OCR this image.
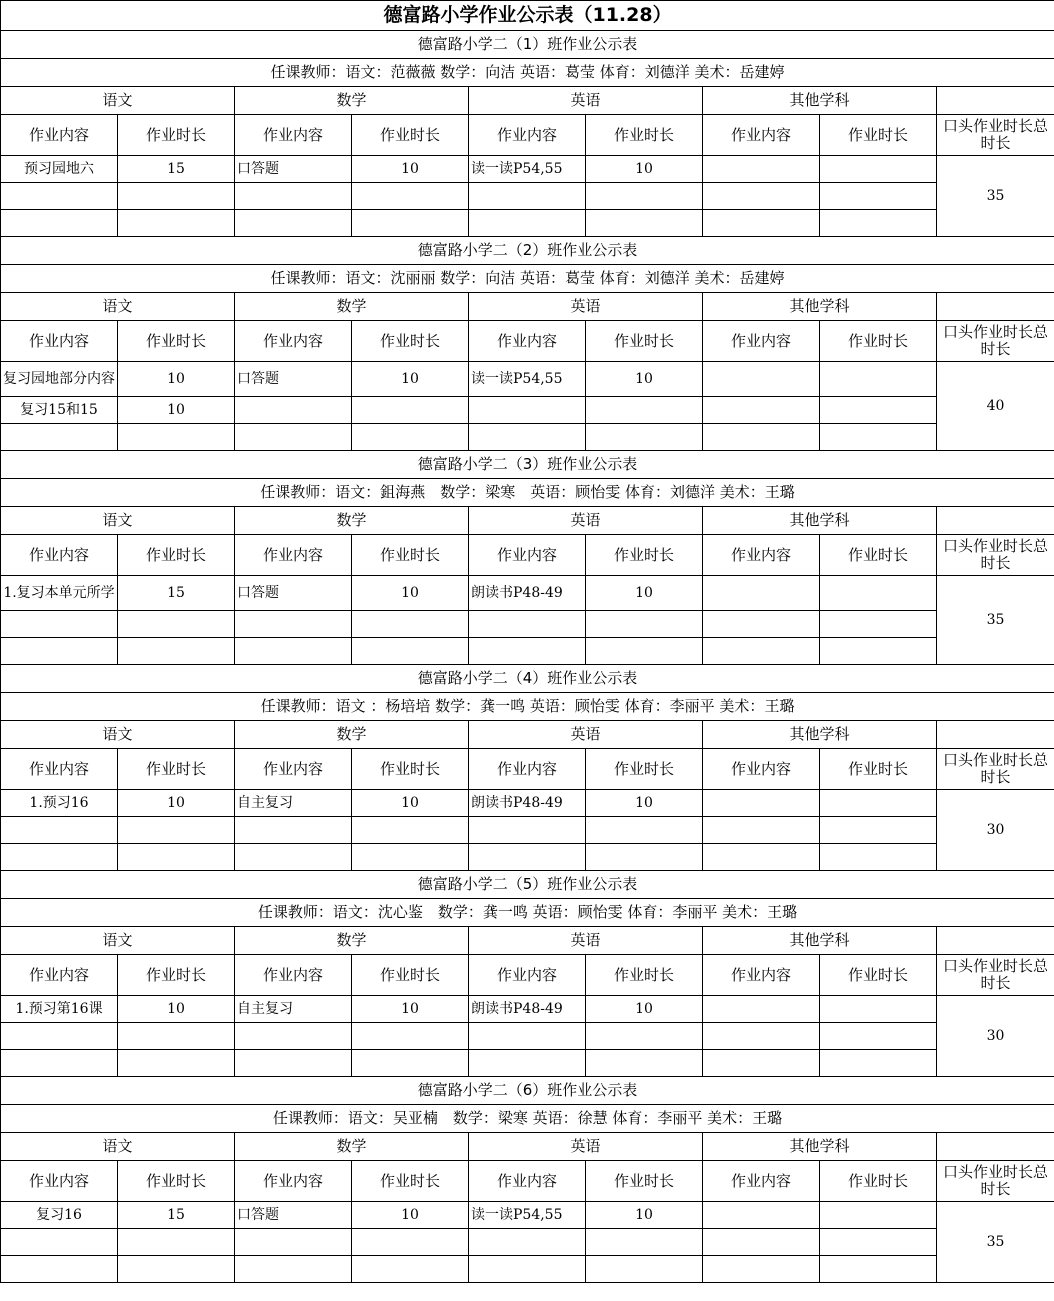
德富路小学作业公示表（11.28）								
德富路小学二（1）班作业公示表								
任课教师：语文：范薇薇 数学：向洁 英语：葛莹 体育：刘德洋 美术：岳建婷								
语文		数学		英语		其他学科		
作业内容	作业时长	作业内容	作业时长	作业内容	作业时长	作业内容	作业时长	口头作业时长总时长
预习园地六	15	口答题	10	读一读P54,55	10			35

德富路小学二（2）班作业公示表								
任课教师：语文：沈丽丽 数学：向洁 英语：葛莹 体育：刘德洋 美术：岳建婷								
语文		数学		英语		其他学科		
作业内容	作业时长	作业内容	作业时长	作业内容	作业时长	作业内容	作业时长	口头作业时长总时长
复习园地部分内容	10	口答题	10	读一读P54,55	10			40
复习15和15	10							

德富路小学二（3）班作业公示表								
任课教师：语文：鉏海燕　数学：梁寒　英语：顾怡雯 体育：刘德洋 美术：王璐								
语文		数学		英语		其他学科		
作业内容	作业时长	作业内容	作业时长	作业内容	作业时长	作业内容	作业时长	口头作业时长总时长
1.复习本单元所学	15	口答题	10	朗读书P48-49	10			35

德富路小学二（4）班作业公示表								
任课教师：语文 ：杨培培 数学：龚一鸣 英语：顾怡雯 体育：李丽平 美术：王璐								
语文		数学		英语		其他学科		
作业内容	作业时长	作业内容	作业时长	作业内容	作业时长	作业内容	作业时长	口头作业时长总时长
1.预习16	10	自主复习	10	朗读书P48-49	10			30

德富路小学二（5）班作业公示表								
任课教师：语文：沈心鉴　数学：龚一鸣 英语：顾怡雯 体育：李丽平 美术：王璐								
语文		数学		英语		其他学科		
作业内容	作业时长	作业内容	作业时长	作业内容	作业时长	作业内容	作业时长	口头作业时长总时长
1.预习第16课	10	自主复习	10	朗读书P48-49	10			30

德富路小学二（6）班作业公示表								
任课教师：语文：吴亚楠　数学：梁寒 英语：徐慧 体育：李丽平 美术：王璐								
语文		数学		英语		其他学科		
作业内容	作业时长	作业内容	作业时长	作业内容	作业时长	作业内容	作业时长	口头作业时长总时长
复习16	15	口答题	10	读一读P54,55	10			35
